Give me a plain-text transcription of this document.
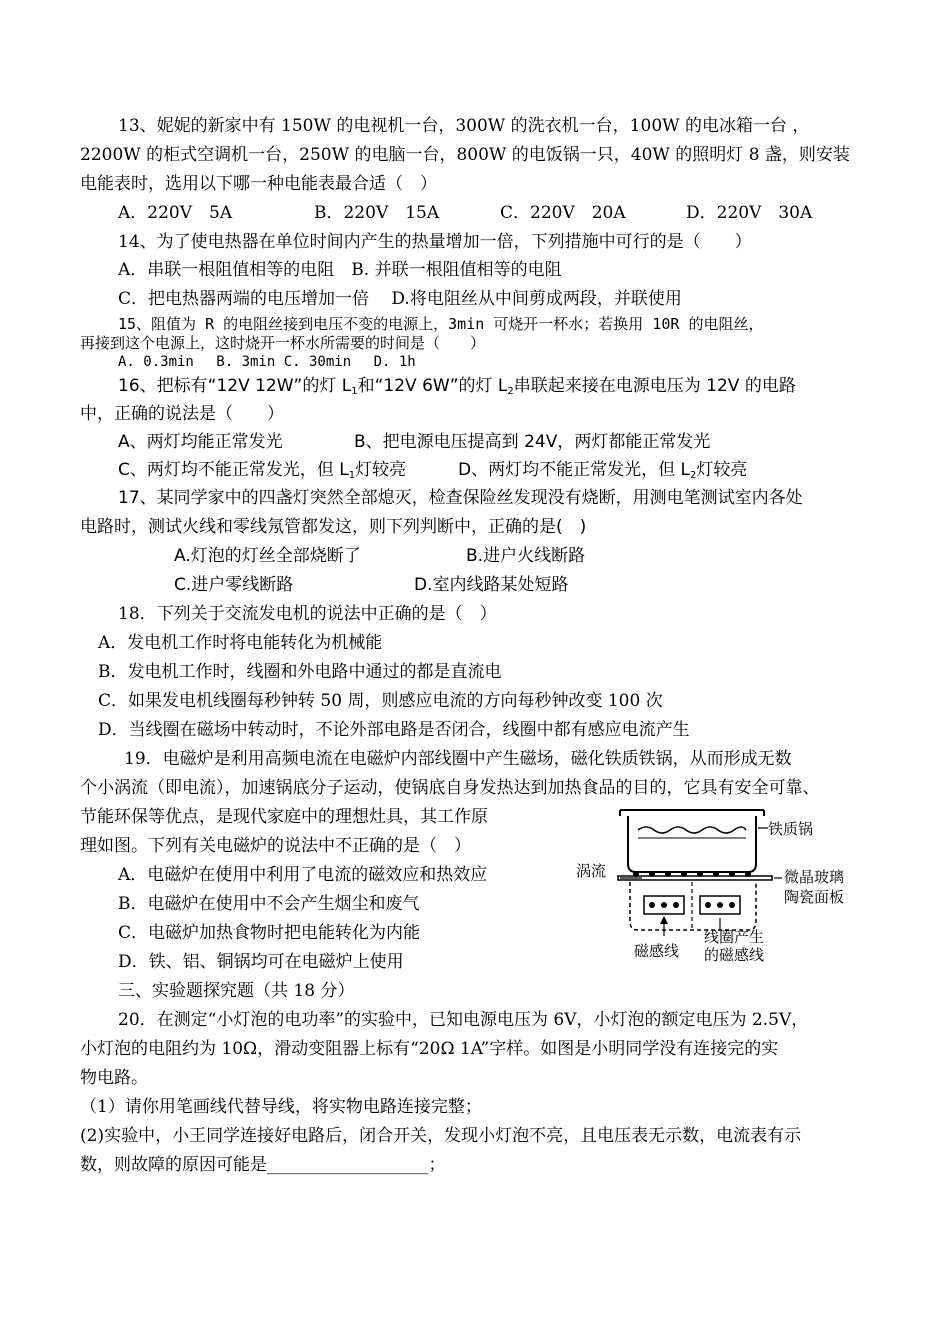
13、妮妮的新家中有 150W 的电视机一台，300W 的洗衣机一台，100W 的电冰箱一台 ，
2200W 的柜式空调机一台，250W 的电脑一台，800W 的电饭锅一只，40W 的照明灯 8 盏，则安装
电能表时，选用以下哪一种电能表最合适（　）
A．220V　5A	B．220V　15A	C．220V　20A	D．220V　30A
14、为了使电热器在单位时间内产生的热量增加一倍，下列措施中可行的是（　　）
A．串联一根阻值相等的电阻　B. 并联一根阻值相等的电阻
C．把电热器两端的电压增加一倍　 D.将电阻丝从中间剪成两段，并联使用
15、阻值为 R 的电阻丝接到电压不变的电源上，3min 可烧开一杯水；若换用 10R 的电阻丝，
再接到这个电源上，这时烧开一杯水所需要的时间是（　　）
A. 0.3min　 B. 3min C. 30min　 D. 1h
16、把标有“12V 12W”的灯 $L_1$和“12V 6W”的灯 $L_2$串联起来接在电源电压为 12V 的电路
中，正确的说法是（　　）
A、两灯均能正常发光	B、把电源电压提高到 24V，两灯都能正常发光
C、两灯均不能正常发光，但 $L_1$灯较亮	D、两灯均不能正常发光，但 $L_2$灯较亮
17、某同学家中的四盏灯突然全部熄灭，检查保险丝发现没有烧断，用测电笔测试室内各处
电路时，测试火线和零线氖管都发这，则下列判断中，正确的是(　)
A.灯泡的灯丝全部烧断了	B.进户火线断路
C.进户零线断路	D.室内线路某处短路
18．下列关于交流发电机的说法中正确的是（　）
A．发电机工作时将电能转化为机械能
B．发电机工作时，线圈和外电路中通过的都是直流电
C．如果发电机线圈每秒钟转 50 周，则感应电流的方向每秒钟改变 100 次
D．当线圈在磁场中转动时，不论外部电路是否闭合，线圈中都有感应电流产生
19．电磁炉是利用高频电流在电磁炉内部线圈中产生磁场，磁化铁质铁锅，从而形成无数
个小涡流（即电流），加速锅底分子运动，使锅底自身发热达到加热食品的目的，它具有安全可靠、
节能环保等优点，是现代家庭中的理想灶具，其工作原
理如图。下列有关电磁炉的说法中不正确的是（　）
A．电磁炉在使用中利用了电流的磁效应和热效应
B．电磁炉在使用中不会产生烟尘和废气
C．电磁炉加热食物时把电能转化为内能
D．铁、铝、铜锅均可在电磁炉上使用
铁质锅
涡流	微晶玻璃
陶瓷面板
磁感线
线圈产生
的磁感线
三、实验题探究题（共 18 分）
20．在测定“小灯泡的电功率”的实验中，已知电源电压为 6V，小灯泡的额定电压为 2.5V，
小灯泡的电阻约为 10Ω，滑动变阻器上标有“20Ω 1A”字样。如图是小明同学没有连接完的实
物电路。
（1）请你用笔画线代替导线，将实物电路连接完整；
(2)实验中，小王同学连接好电路后，闭合开关，发现小灯泡不亮，且电压表无示数，电流表有示
数，则故障的原因可能是___________________；
